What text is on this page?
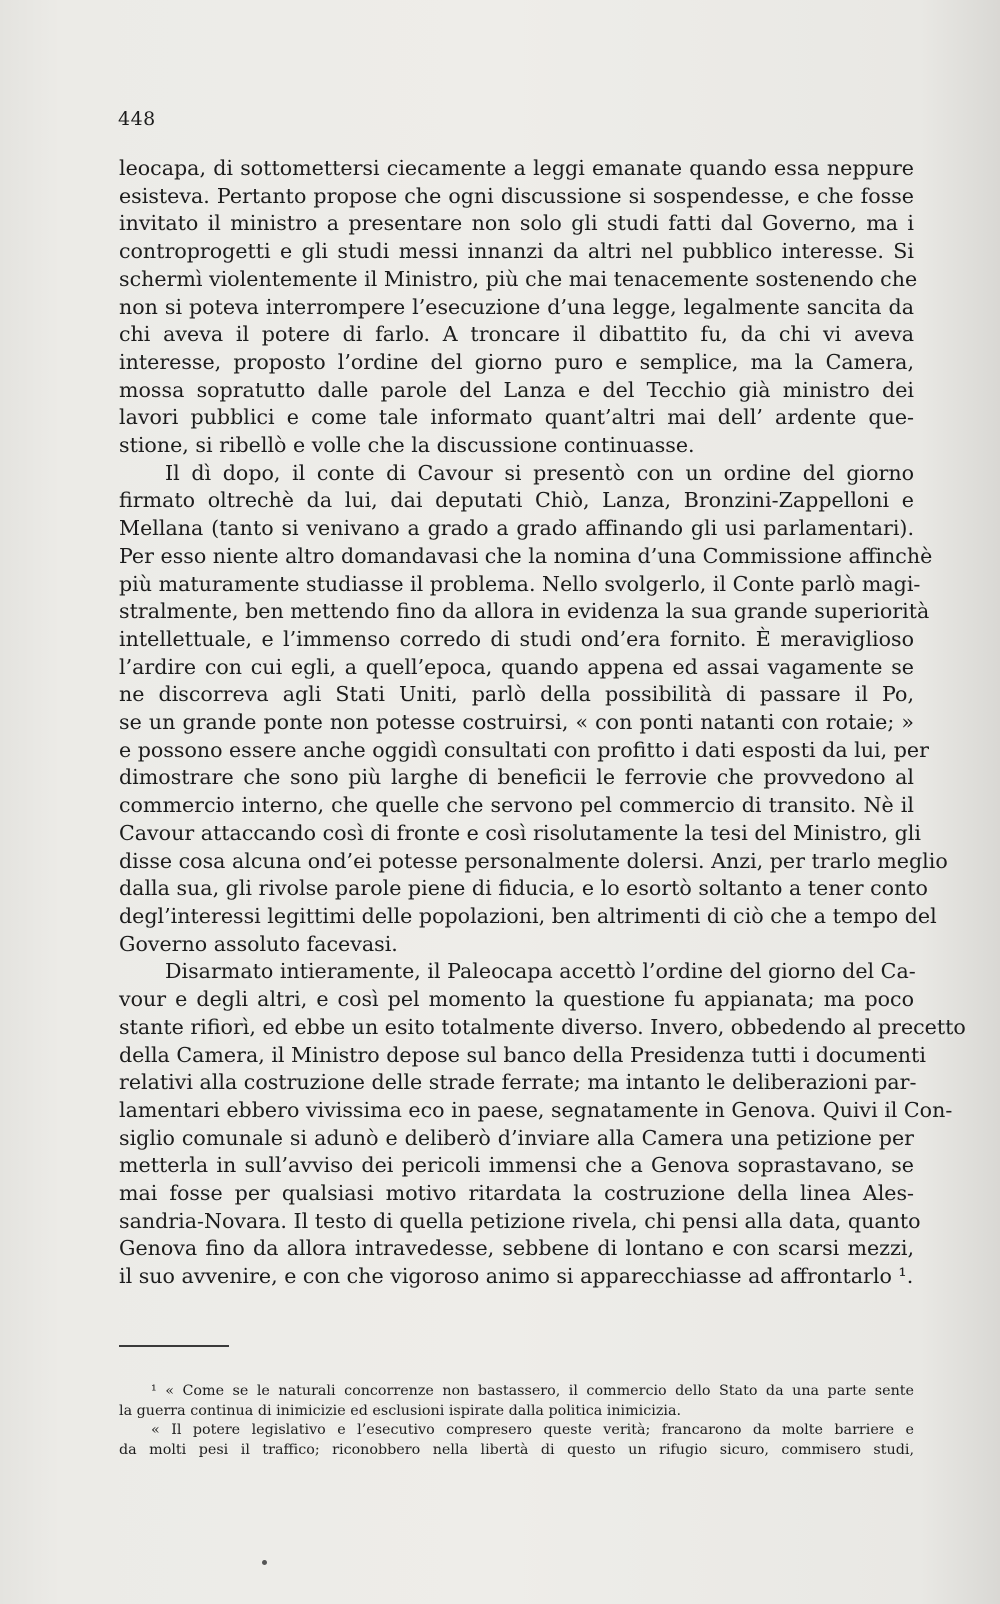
448

leocapa, di sottomettersi ciecamente a leggi emanate quando essa neppure
esisteva. Pertanto propose che ogni discussione si sospendesse, e che fosse
invitato il ministro a presentare non solo gli studi fatti dal Governo, ma i
controprogetti e gli studi messi innanzi da altri nel pubblico interesse. Si
schermì violentemente il Ministro, più che mai tenacemente sostenendo che
non si poteva interrompere l’esecuzione d’una legge, legalmente sancita da
chi aveva il potere di farlo. A troncare il dibattito fu, da chi vi aveva
interesse, proposto l’ordine del giorno puro e semplice, ma la Camera,
mossa sopratutto dalle parole del Lanza e del Tecchio già ministro dei
lavori pubblici e come tale informato quant’altri mai dell’ ardente que-
stione, si ribellò e volle che la discussione continuasse.

Il dì dopo, il conte di Cavour si presentò con un ordine del giorno
firmato oltrechè da lui, dai deputati Chiò, Lanza, Bronzini-Zappelloni e
Mellana (tanto si venivano a grado a grado affinando gli usi parlamentari).
Per esso niente altro domandavasi che la nomina d’una Commissione affinchè
più maturamente studiasse il problema. Nello svolgerlo, il Conte parlò magi-
stralmente, ben mettendo fino da allora in evidenza la sua grande superiorità
intellettuale, e l’immenso corredo di studi ond’era fornito. È meraviglioso
l’ardire con cui egli, a quell’epoca, quando appena ed assai vagamente se
ne discorreva agli Stati Uniti, parlò della possibilità di passare il Po,
se un grande ponte non potesse costruirsi, « con ponti natanti con rotaie; »
e possono essere anche oggidì consultati con profitto i dati esposti da lui, per
dimostrare che sono più larghe di beneficii le ferrovie che provvedono al
commercio interno, che quelle che servono pel commercio di transito. Nè il
Cavour attaccando così di fronte e così risolutamente la tesi del Ministro, gli
disse cosa alcuna ond’ei potesse personalmente dolersi. Anzi, per trarlo meglio
dalla sua, gli rivolse parole piene di fiducia, e lo esortò soltanto a tener conto
degl’interessi legittimi delle popolazioni, ben altrimenti di ciò che a tempo del
Governo assoluto facevasi.

Disarmato intieramente, il Paleocapa accettò l’ordine del giorno del Ca-
vour e degli altri, e così pel momento la questione fu appianata; ma poco
stante rifiorì, ed ebbe un esito totalmente diverso. Invero, obbedendo al precetto
della Camera, il Ministro depose sul banco della Presidenza tutti i documenti
relativi alla costruzione delle strade ferrate; ma intanto le deliberazioni par-
lamentari ebbero vivissima eco in paese, segnatamente in Genova. Quivi il Con-
siglio comunale si adunò e deliberò d’inviare alla Camera una petizione per
metterla in sull’avviso dei pericoli immensi che a Genova soprastavano, se
mai fosse per qualsiasi motivo ritardata la costruzione della linea Ales-
sandria-Novara. Il testo di quella petizione rivela, chi pensi alla data, quanto
Genova fino da allora intravedesse, sebbene di lontano e con scarsi mezzi,
il suo avvenire, e con che vigoroso animo si apparecchiasse ad affrontarlo ¹.

¹ « Come se le naturali concorrenze non bastassero, il commercio dello Stato da una parte sente
la guerra continua di inimicizie ed esclusioni ispirate dalla politica inimicizia.
« Il potere legislativo e l’esecutivo compresero queste verità; francarono da molte barriere e
da molti pesi il traffico; riconobbero nella libertà di questo un rifugio sicuro, commisero studi,
